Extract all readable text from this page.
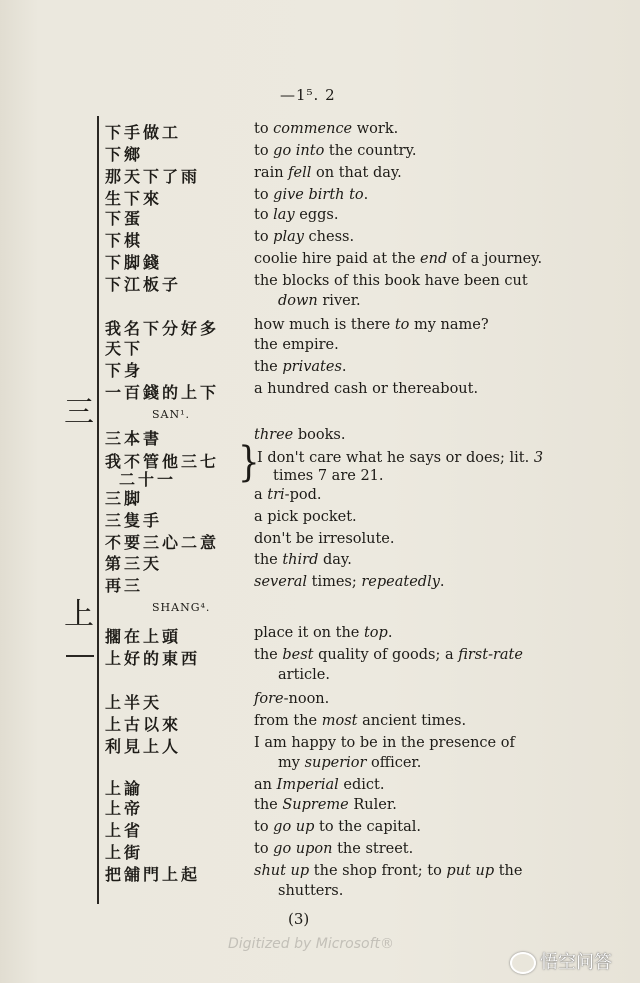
—1⁵. 2
三
上
SAN¹.
SHANG⁴.
}
下手做工	to commence work.
下鄉	to go into the country.
那天下了雨	rain fell on that day.
生下來	to give birth to.
下蛋	to lay eggs.
下棋	to play chess.
下脚錢	coolie hire paid at the end of a journey.
下江板子	the blocks of this book have been cut
down river.
我名下分好多 how much is there to my name?
天下	the empire.
下身	the privates.
一百錢的上下 a hundred cash or thereabout.
三本書	three books.
我不管他三七	I don't care what he says or does; lit. 3
二十一	times 7 are 21.
三脚	a tri-pod.
三隻手	a pick pocket.
不要三心二意 don't be irresolute.
第三天	the third day.
再三	several times; repeatedly.
擱在上頭	place it on the top.
上好的東西	the best quality of goods; a first-rate
article.
上半天	fore-noon.
上古以來	from the most ancient times.
利見上人	I am happy to be in the presence of
my superior officer.
上諭	an Imperial edict.
上帝	the Supreme Ruler.
上省	to go up to the capital.
上街	to go upon the street.
把舖門上起	shut up the shop front; to put up the
shutters.
(3)
Digitized by Microsoft®
悟空问答
